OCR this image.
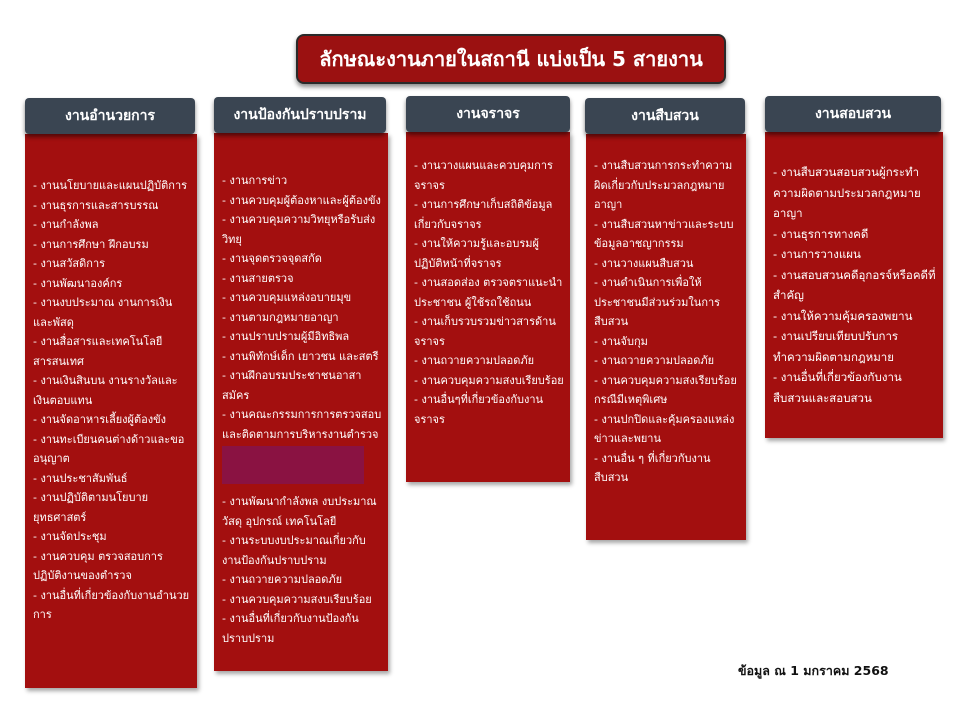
ลักษณะงานภายในสถานี แบ่งเป็น 5 สายงาน
งานอำนวยการ
- งานนโยบายและแผนปฏิบัติการ
- งานธุรการและสารบรรณ
- งานกำลังพล
- งานการศึกษา ฝึกอบรม
- งานสวัสดิการ
- งานพัฒนาองค์กร
- งานงบประมาณ งานการเงินและพัสดุ
- งานสื่อสารและเทคโนโลยีสารสนเทศ
- งานเงินสินบน งานรางวัลและเงินตอบแทน
- งานจัดอาหารเลี้ยงผู้ต้องขัง
- งานทะเบียนคนต่างด้าวและขออนุญาต
- งานประชาสัมพันธ์
- งานปฏิบัติตามนโยบายยุทธศาสตร์
- งานจัดประชุม
- งานควบคุม ตรวจสอบการปฏิบัติงานของตำรวจ
- งานอื่นที่เกี่ยวข้องกับงานอำนวยการ
งานป้องกันปราบปราม
- งานการข่าว
- งานควบคุมผู้ต้องหาและผู้ต้องขัง
- งานควบคุมความวิทยุหรือรับส่งวิทยุ
- งานจุดตรวจจุดสกัด
- งานสายตรวจ
- งานควบคุมแหล่งอบายมุข
- งานตามกฎหมายอาญา
- งานปราบปรามผู้มีอิทธิพล
- งานพิทักษ์เด็ก เยาวชน และสตรี
- งานฝึกอบรมประชาชนอาสาสมัคร
- งานคณะกรรมการการตรวจสอบและติดตามการบริหารงานตำรวจ
- งานพัฒนากำลังพล งบประมาณวัสดุ อุปกรณ์ เทคโนโลยี
- งานระบบงบประมาณเกี่ยวกับงานป้องกันปราบปราม
- งานถวายความปลอดภัย
- งานควบคุมความสงบเรียบร้อย
- งานอื่นที่เกี่ยวกับงานป้องกันปราบปราม
งานจราจร
- งานวางแผนและควบคุมการจราจร
- งานการศึกษาเก็บสถิติข้อมูลเกี่ยวกับจราจร
- งานให้ความรู้และอบรมผู้ปฏิบัติหน้าที่จราจร
- งานสอดส่อง ตรวจตราแนะนำประชาชน ผู้ใช้รถใช้ถนน
- งานเก็บรวบรวมข่าวสารด้านจราจร
- งานถวายความปลอดภัย
- งานควบคุมความสงบเรียบร้อย
- งานอื่นๆที่เกี่ยวข้องกับงานจราจร
งานสืบสวน
- งานสืบสวนการกระทำความผิดเกี่ยวกับประมวลกฎหมายอาญา
- งานสืบสวนหาข่าวและระบบข้อมูลอาชญากรรม
- งานวางแผนสืบสวน
- งานดำเนินการเพื่อให้ประชาชนมีส่วนร่วมในการสืบสวน
- งานจับกุม
- งานถวายความปลอดภัย
- งานควบคุมความสงเรียบร้อยกรณีมีเหตุพิเศษ
- งานปกปิดและคุ้มครองแหล่งข่าวและพยาน
- งานอื่น ๆ ที่เกี่ยวกับงานสืบสวน
งานสอบสวน
- งานสืบสวนสอบสวนผู้กระทำความผิดตามประมวลกฎหมายอาญา
- งานธุรการทางคดี
- งานการวางแผน
- งานสอบสวนคดีอุกอรจ์หรือคดีที่สำคัญ
- งานให้ความคุ้มครองพยาน
- งานเปรียบเทียบปรับการทำความผิดตามกฎหมาย
- งานอื่นที่เกี่ยวข้องกับงานสืบสวนและสอบสวน
ข้อมูล ณ 1 มกราคม 2568
